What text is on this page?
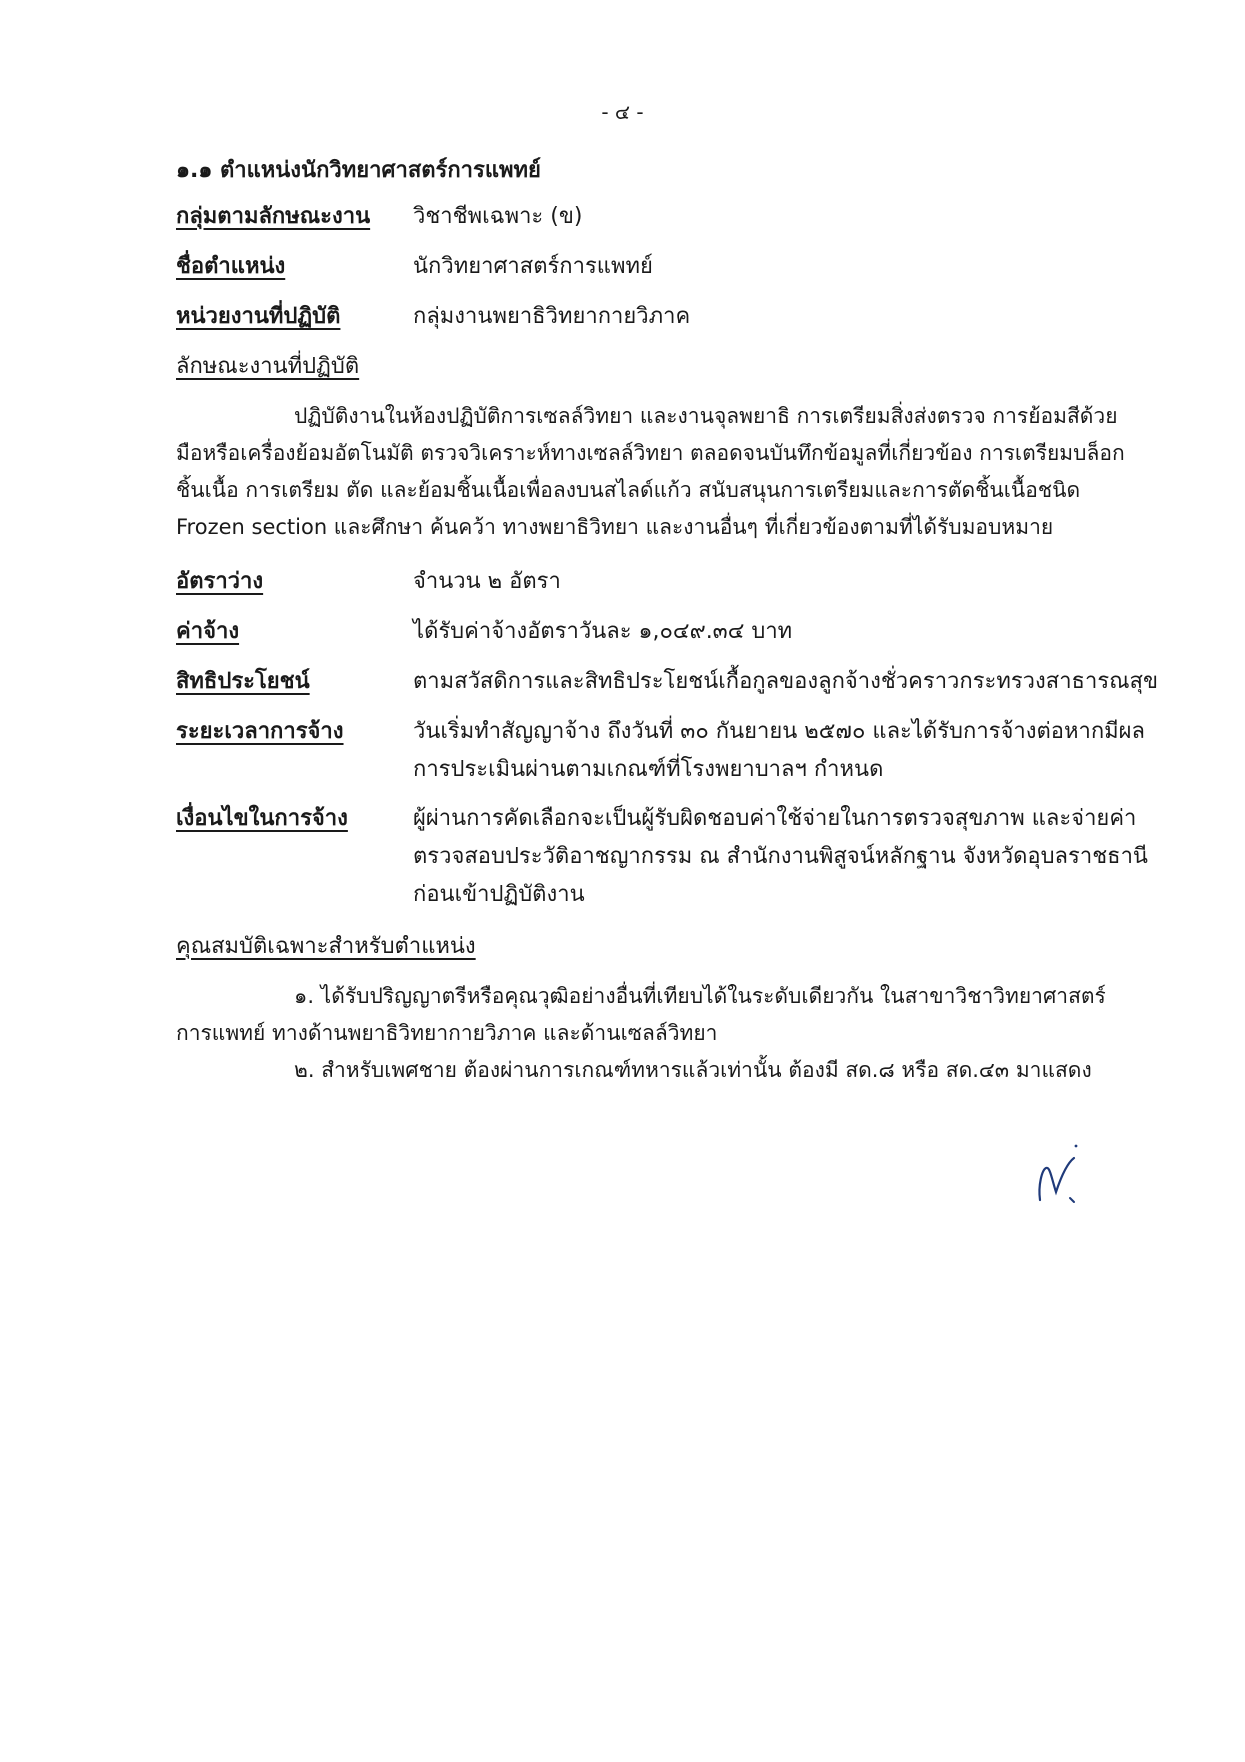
- ๔ -
๑.๑ ตำแหน่งนักวิทยาศาสตร์การแพทย์
กลุ่มตามลักษณะงาน วิชาชีพเฉพาะ (ข)
ชื่อตำแหน่ง	นักวิทยาศาสตร์การแพทย์
หน่วยงานที่ปฏิบัติ	กลุ่มงานพยาธิวิทยากายวิภาค
ลักษณะงานที่ปฏิบัติ
ปฏิบัติงานในห้องปฏิบัติการเซลล์วิทยา และงานจุลพยาธิ การเตรียมสิ่งส่งตรวจ การย้อมสีด้วย
มือหรือเครื่องย้อมอัตโนมัติ ตรวจวิเคราะห์ทางเซลล์วิทยา ตลอดจนบันทึกข้อมูลที่เกี่ยวข้อง การเตรียมบล็อก
ชิ้นเนื้อ การเตรียม ตัด และย้อมชิ้นเนื้อเพื่อลงบนสไลด์แก้ว สนับสนุนการเตรียมและการตัดชิ้นเนื้อชนิด
Frozen section และศึกษา ค้นคว้า ทางพยาธิวิทยา และงานอื่นๆ ที่เกี่ยวข้องตามที่ได้รับมอบหมาย
อัตราว่าง	จำนวน ๒ อัตรา
ค่าจ้าง	ได้รับค่าจ้างอัตราวันละ ๑,๐๔๙.๓๔ บาท
สิทธิประโยชน์	ตามสวัสดิการและสิทธิประโยชน์เกื้อกูลของลูกจ้างชั่วคราวกระทรวงสาธารณสุข
ระยะเวลาการจ้าง	วันเริ่มทำสัญญาจ้าง ถึงวันที่ ๓๐ กันยายน ๒๕๗๐ และได้รับการจ้างต่อหากมีผล
การประเมินผ่านตามเกณฑ์ที่โรงพยาบาลฯ กำหนด
เงื่อนไขในการจ้าง	ผู้ผ่านการคัดเลือกจะเป็นผู้รับผิดชอบค่าใช้จ่ายในการตรวจสุขภาพ และจ่ายค่า
ตรวจสอบประวัติอาชญากรรม ณ สำนักงานพิสูจน์หลักฐาน จังหวัดอุบลราชธานี
ก่อนเข้าปฏิบัติงาน
คุณสมบัติเฉพาะสำหรับตำแหน่ง
๑. ได้รับปริญญาตรีหรือคุณวุฒิอย่างอื่นที่เทียบได้ในระดับเดียวกัน ในสาขาวิชาวิทยาศาสตร์
การแพทย์ ทางด้านพยาธิวิทยากายวิภาค และด้านเซลล์วิทยา
๒. สำหรับเพศชาย ต้องผ่านการเกณฑ์ทหารแล้วเท่านั้น ต้องมี สด.๘ หรือ สด.๔๓ มาแสดง
